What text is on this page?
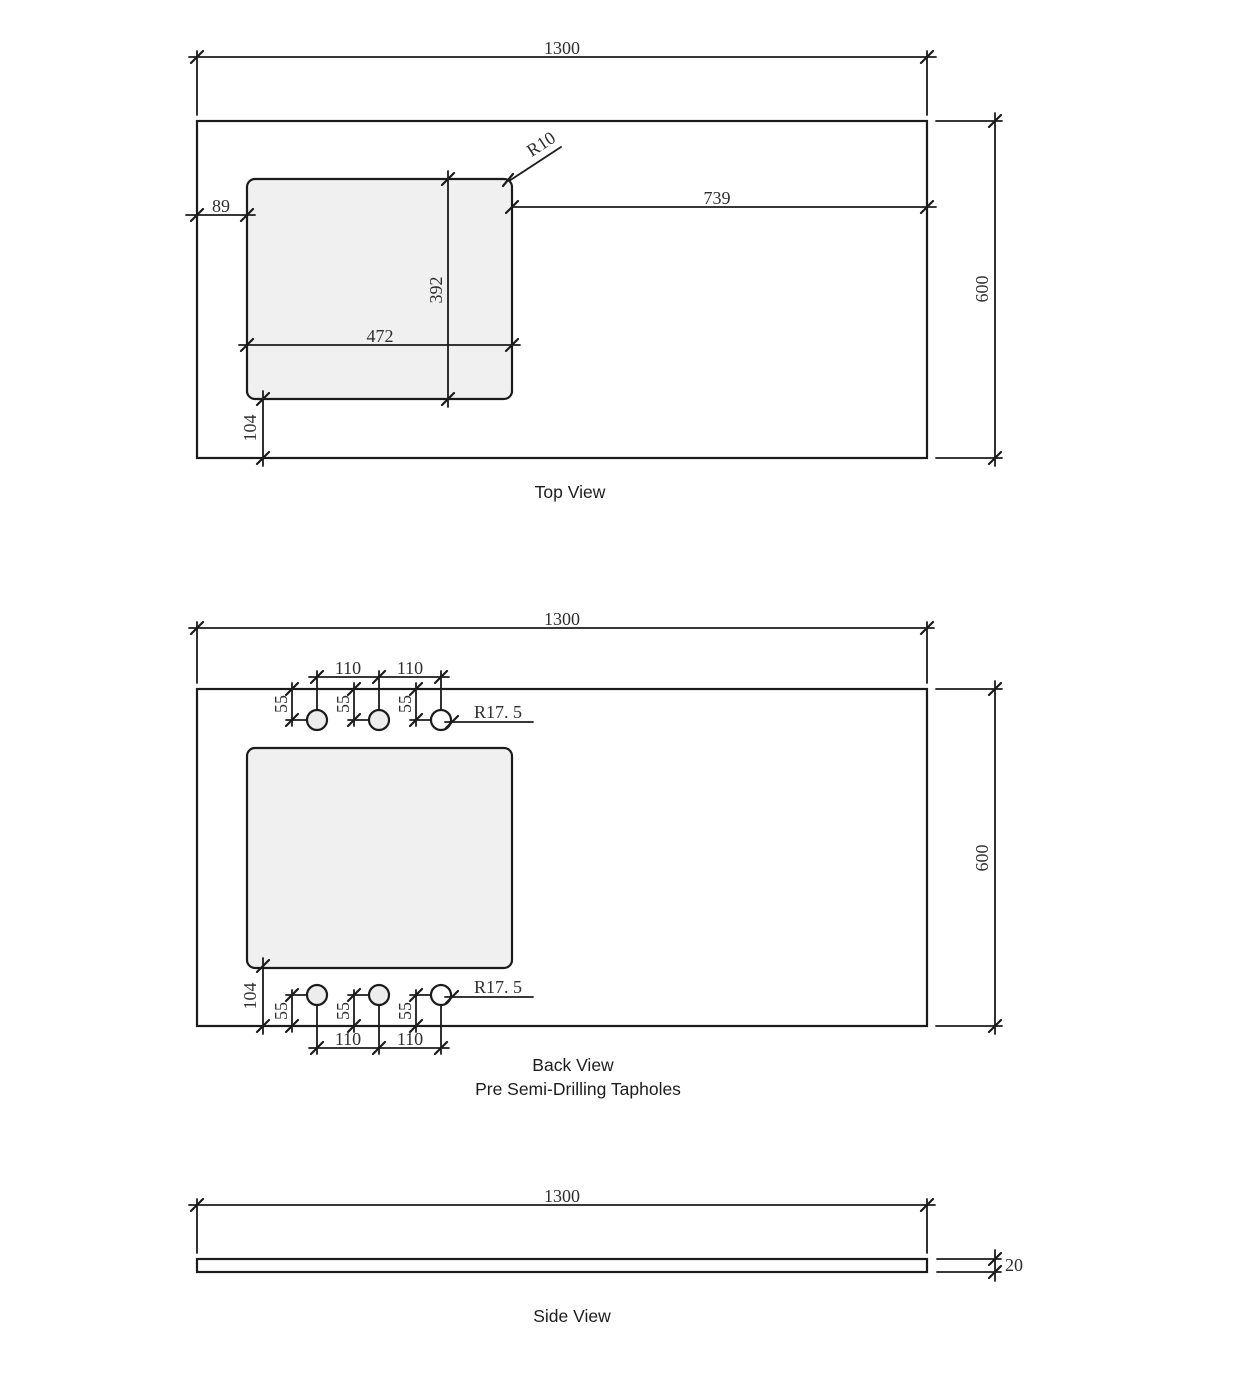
1300
600
89	739
392
472
104
R10
Top View
1300
600
110 110
55 55 55	R17. 5
104
55 55 55
R17. 5
110 110
Back View
Pre Semi-Drilling Tapholes
1300
20
Side View
